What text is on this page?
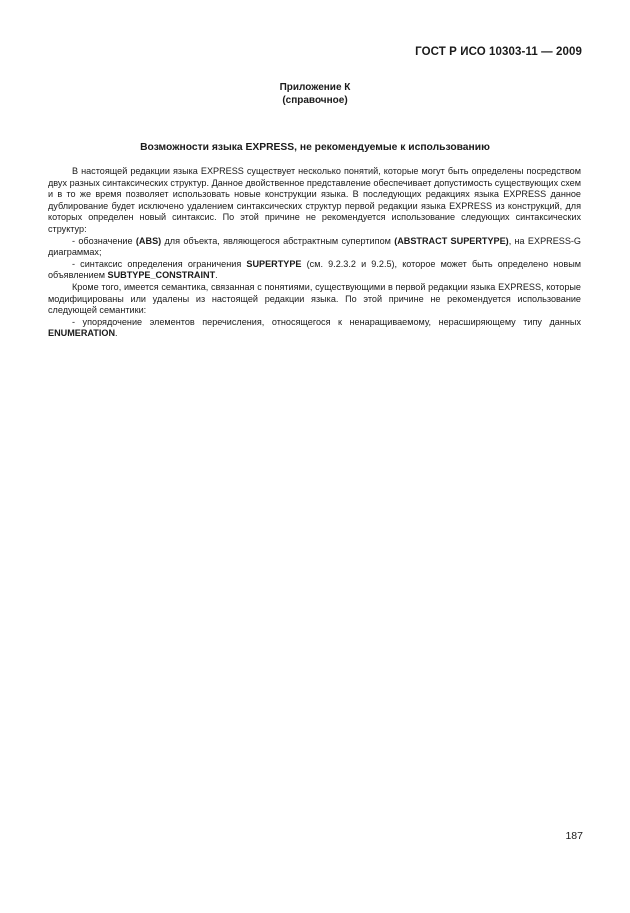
ГОСТ Р ИСО 10303-11 — 2009
Приложение К
(справочное)
Возможности языка EXPRESS, не рекомендуемые к использованию

В настоящей редакции языка EXPRESS существует несколько понятий, которые могут быть определены посредством двух разных синтаксических структур. Данное двойственное представление обеспечивает допустимость существующих схем и в то же время позволяет использовать новые конструкции языка. В последующих редакциях языка EXPRESS данное дублирование будет исключено удалением синтаксических структур первой редакции языка EXPRESS из конструкций, для которых определен новый синтаксис. По этой причине не рекомендуется использование следующих синтаксических структур:

- обозначение (ABS) для объекта, являющегося абстрактным супертипом (ABSTRACT SUPERTYPE), на EXPRESS-G диаграммах;

- синтаксис определения ограничения SUPERTYPE (см. 9.2.3.2 и 9.2.5), которое может быть определено новым объявлением SUBTYPE_CONSTRAINT.

Кроме того, имеется семантика, связанная с понятиями, существующими в первой редакции языка EXPRESS, которые модифицированы или удалены из настоящей редакции языка. По этой причине не рекомендуется использование следующей семантики:

- упорядочение элементов перечисления, относящегося к ненаращиваемому, нерасширяющему типу данных ENUMERATION.

187
